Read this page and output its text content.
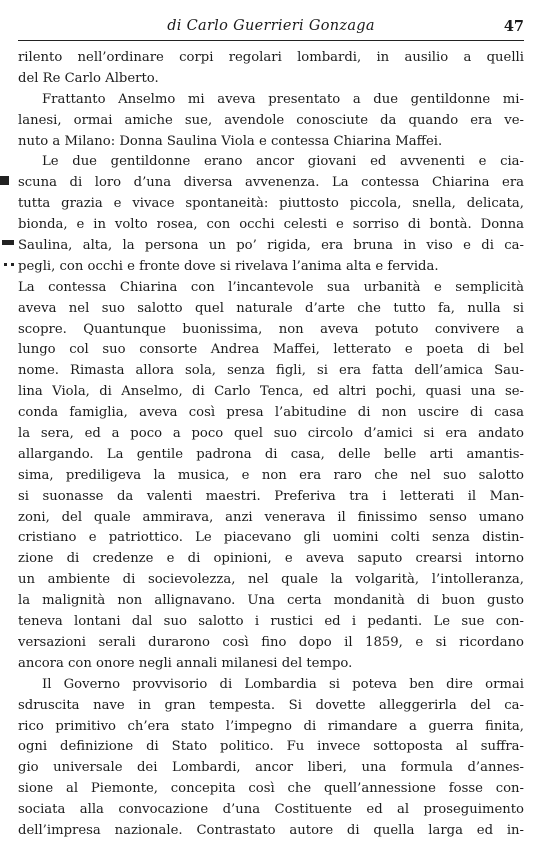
di Carlo Guerrieri Gonzaga	47
rilento nell’ordinare corpi regolari lombardi, in ausilio a quelli
del Re Carlo Alberto.
Frattanto Anselmo mi aveva presentato a due gentildonne mi-
lanesi, ormai amiche sue, avendole conosciute da quando era ve-
nuto a Milano: Donna Saulina Viola e contessa Chiarina Maffei.
Le due gentildonne erano ancor giovani ed avvenenti e cia-
scuna di loro d’una diversa avvenenza. La contessa Chiarina era
tutta grazia e vivace spontaneità: piuttosto piccola, snella, delicata,
bionda, e in volto rosea, con occhi celesti e sorriso di bontà. Donna
Saulina, alta, la persona un po’ rigida, era bruna in viso e di ca-
pegli, con occhi e fronte dove si rivelava l’anima alta e fervida.
La contessa Chiarina con l’incantevole sua urbanità e semplicità
aveva nel suo salotto quel naturale d’arte che tutto fa, nulla si
scopre. Quantunque buonissima, non aveva potuto convivere a
lungo col suo consorte Andrea Maffei, letterato e poeta di bel
nome. Rimasta allora sola, senza figli, si era fatta dell’amica Sau-
lina Viola, di Anselmo, di Carlo Tenca, ed altri pochi, quasi una se-
conda famiglia, aveva così presa l’abitudine di non uscire di casa
la sera, ed a poco a poco quel suo circolo d’amici si era andato
allargando. La gentile padrona di casa, delle belle arti amantis-
sima, prediligeva la musica, e non era raro che nel suo salotto
si suonasse da valenti maestri. Preferiva tra i letterati il Man-
zoni, del quale ammirava, anzi venerava il finissimo senso umano
cristiano e patriottico. Le piacevano gli uomini colti senza distin-
zione di credenze e di opinioni, e aveva saputo crearsi intorno
un ambiente di socievolezza, nel quale la volgarità, l’intolleranza,
la malignità non allignavano. Una certa mondanità di buon gusto
teneva lontani dal suo salotto i rustici ed i pedanti. Le sue con-
versazioni serali durarono così fino dopo il 1859, e si ricordano
ancora con onore negli annali milanesi del tempo.
Il Governo provvisorio di Lombardia si poteva ben dire ormai
sdruscita nave in gran tempesta. Si dovette alleggerirla del ca-
rico primitivo ch’era stato l’impegno di rimandare a guerra finita,
ogni definizione di Stato politico. Fu invece sottoposta al suffra-
gio universale dei Lombardi, ancor liberi, una formula d’annes-
sione al Piemonte, concepita così che quell’annessione fosse con-
sociata alla convocazione d’una Costituente ed al proseguimento
dell’impresa nazionale. Contrastato autore di quella larga ed in-
